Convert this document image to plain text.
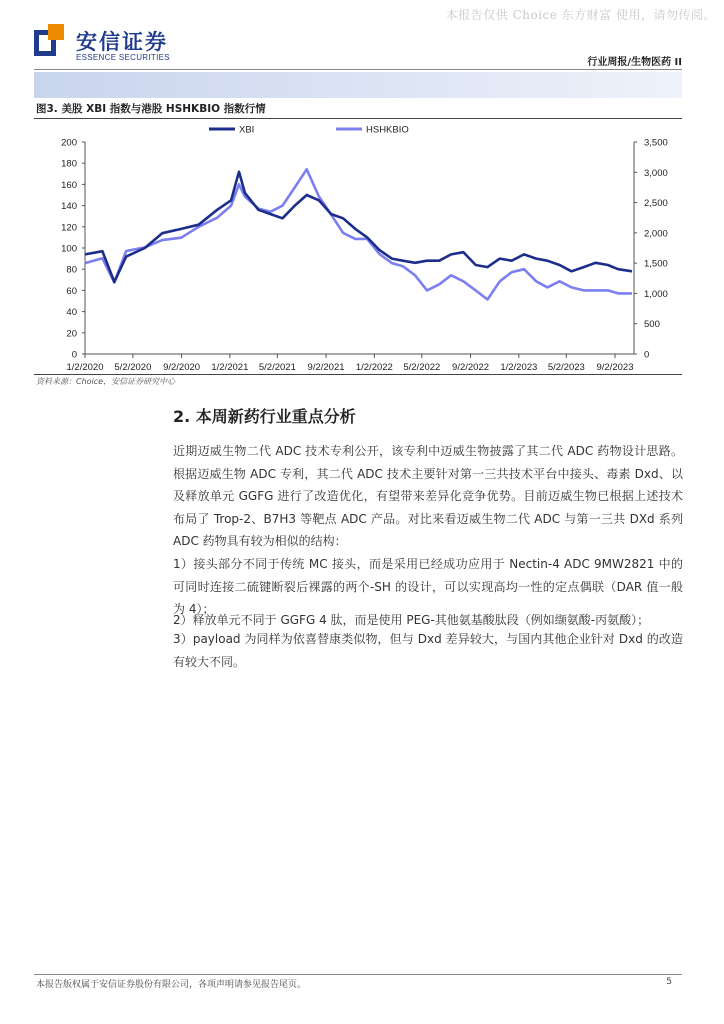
本报告仅供 Choice 东方财富 使用，请勿传阅。
安信证券
ESSENCE SECURITIES	行业周报/生物医药 II
图3. 美股 XBI 指数与港股 HSHKBIO 指数行情
0
20
40
60
80
100
120
140
160
180
200
0
500
1,000
1,500
2,000
2,500
3,000
3,500
1/2/2020 5/2/2020 9/2/2020 1/2/2021 5/2/2021 9/2/2021 1/2/2022 5/2/2022 9/2/2022 1/2/2023 5/2/2023 9/2/2023
XBI	HSHKBIO
资料来源：Choice，安信证券研究中心
2. 本周新药行业重点分析
近期迈威生物二代 ADC 技术专利公开，该专利中迈威生物披露了其二代 ADC 药物设计思路。根据迈威生物 ADC 专利，其二代 ADC 技术主要针对第一三共技术平台中接头、毒素 Dxd、以及释放单元 GGFG 进行了改造优化，有望带来差异化竞争优势。目前迈威生物已根据上述技术布局了 Trop-2、B7H3 等靶点 ADC 产品。对比来看迈威生物二代 ADC 与第一三共 DXd 系列 ADC 药物具有较为相似的结构：
1）接头部分不同于传统 MC 接头，而是采用已经成功应用于 Nectin-4 ADC 9MW2821 中的可同时连接二硫键断裂后裸露的两个-SH 的设计，可以实现高均一性的定点偶联（DAR 值一般为 4）；
2）释放单元不同于 GGFG 4 肽，而是使用 PEG-其他氨基酸肽段（例如缬氨酸-丙氨酸）；
3）payload 为同样为依喜替康类似物，但与 Dxd 差异较大，与国内其他企业针对 Dxd 的改造有较大不同。
本报告版权属于安信证券股份有限公司，各项声明请参见报告尾页。	5
